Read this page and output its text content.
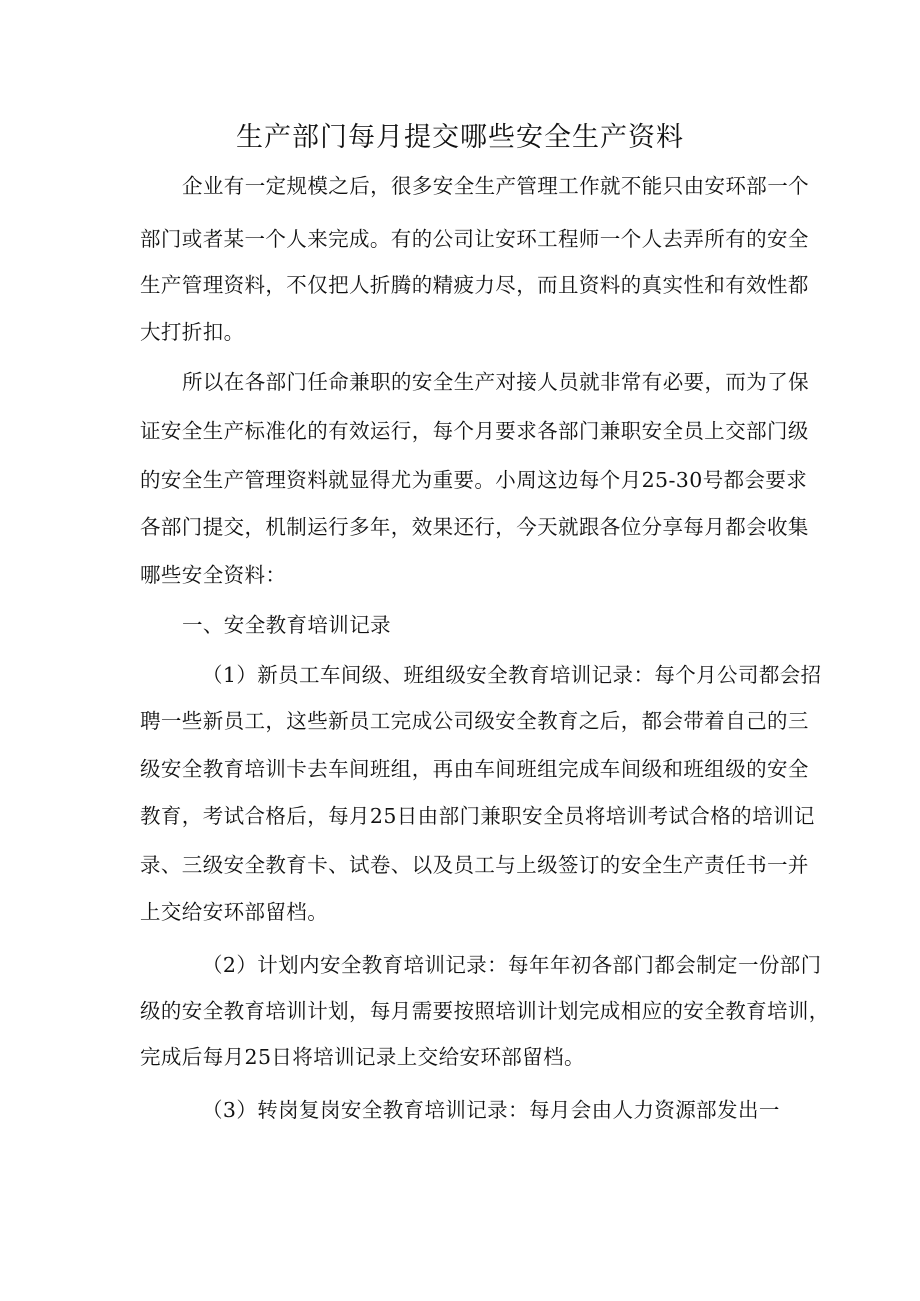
生产部门每月提交哪些安全生产资料

企业有一定规模之后，很多安全生产管理工作就不能只由安环部一个

部门或者某一个人来完成。有的公司让安环工程师一个人去弄所有的安全

生产管理资料，不仅把人折腾的精疲力尽，而且资料的真实性和有效性都

大打折扣。

所以在各部门任命兼职的安全生产对接人员就非常有必要，而为了保

证安全生产标准化的有效运行，每个月要求各部门兼职安全员上交部门级

的安全生产管理资料就显得尤为重要。小周这边每个月25-30号都会要求

各部门提交，机制运行多年，效果还行，今天就跟各位分享每月都会收集

哪些安全资料：

一、安全教育培训记录

（1）新员工车间级、班组级安全教育培训记录：每个月公司都会招

聘一些新员工，这些新员工完成公司级安全教育之后，都会带着自己的三

级安全教育培训卡去车间班组，再由车间班组完成车间级和班组级的安全

教育，考试合格后，每月25日由部门兼职安全员将培训考试合格的培训记

录、三级安全教育卡、试卷、以及员工与上级签订的安全生产责任书一并

上交给安环部留档。

（2）计划内安全教育培训记录：每年年初各部门都会制定一份部门

级的安全教育培训计划，每月需要按照培训计划完成相应的安全教育培训，

完成后每月25日将培训记录上交给安环部留档。

（3）转岗复岗安全教育培训记录：每月会由人力资源部发出一
